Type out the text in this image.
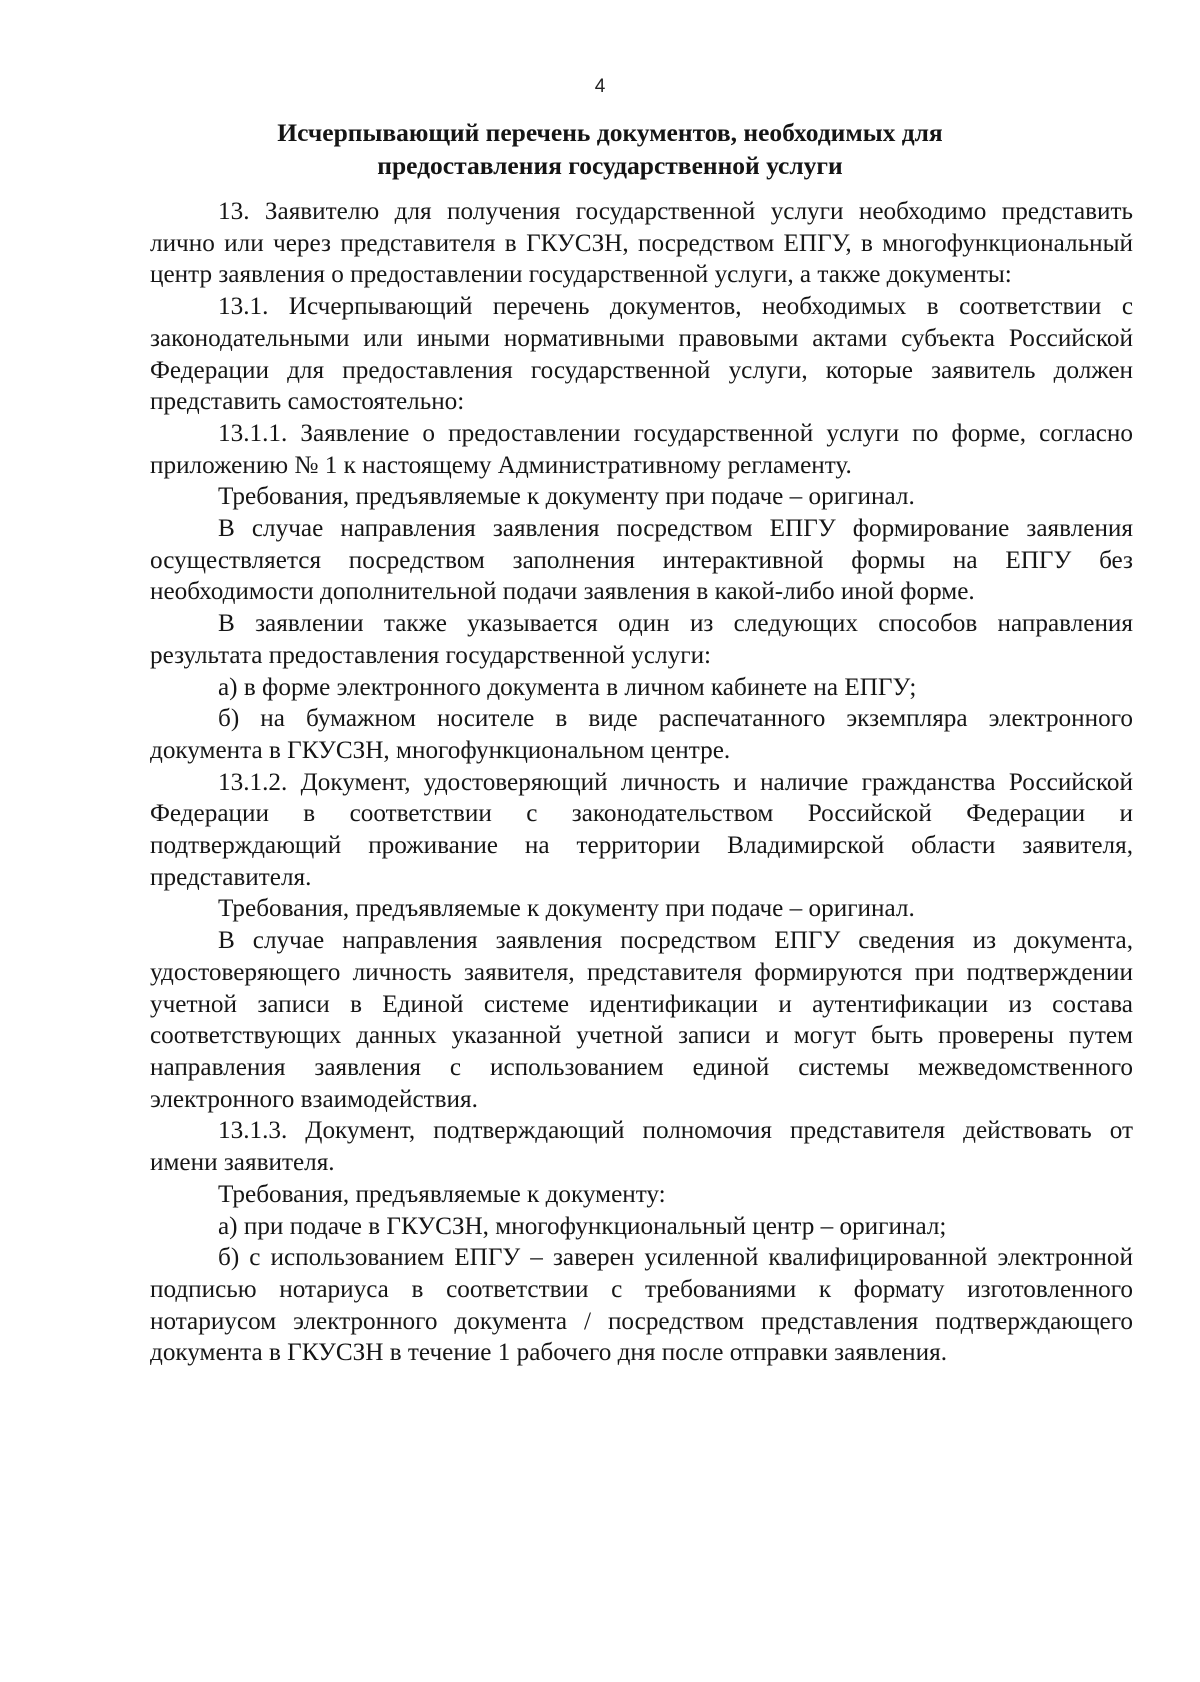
4
Исчерпывающий перечень документов, необходимых для
предоставления государственной услуги

13. Заявителю для получения государственной услуги необходимо представить лично или через представителя в ГКУСЗН, посредством ЕПГУ, в многофункциональный центр заявления о предоставлении государственной услуги, а также документы:

13.1. Исчерпывающий перечень документов, необходимых в соответствии с законодательными или иными нормативными правовыми актами субъекта Российской Федерации для предоставления государственной услуги, которые заявитель должен представить самостоятельно:

13.1.1. Заявление о предоставлении государственной услуги по форме, согласно приложению № 1 к настоящему Административному регламенту.

Требования, предъявляемые к документу при подаче – оригинал.

В случае направления заявления посредством ЕПГУ формирование заявления осуществляется посредством заполнения интерактивной формы на ЕПГУ без необходимости дополнительной подачи заявления в какой-либо иной форме.

В заявлении также указывается один из следующих способов направления результата предоставления государственной услуги:

а) в форме электронного документа в личном кабинете на ЕПГУ;

б) на бумажном носителе в виде распечатанного экземпляра электронного документа в ГКУСЗН, многофункциональном центре.

13.1.2. Документ, удостоверяющий личность и наличие гражданства Российской Федерации в соответствии с законодательством Российской Федерации и подтверждающий проживание на территории Владимирской области заявителя, представителя.

Требования, предъявляемые к документу при подаче – оригинал.

В случае направления заявления посредством ЕПГУ сведения из документа, удостоверяющего личность заявителя, представителя формируются при подтверждении учетной записи в Единой системе идентификации и аутентификации из состава соответствующих данных указанной учетной записи и могут быть проверены путем направления заявления с использованием единой системы межведомственного электронного взаимодействия.

13.1.3. Документ, подтверждающий полномочия представителя действовать от имени заявителя.

Требования, предъявляемые к документу:

а) при подаче в ГКУСЗН, многофункциональный центр – оригинал;

б) с использованием ЕПГУ – заверен усиленной квалифицированной электронной подписью нотариуса в соответствии с требованиями к формату изготовленного нотариусом электронного документа / посредством представления подтверждающего документа в ГКУСЗН в течение 1 рабочего дня после отправки заявления.
